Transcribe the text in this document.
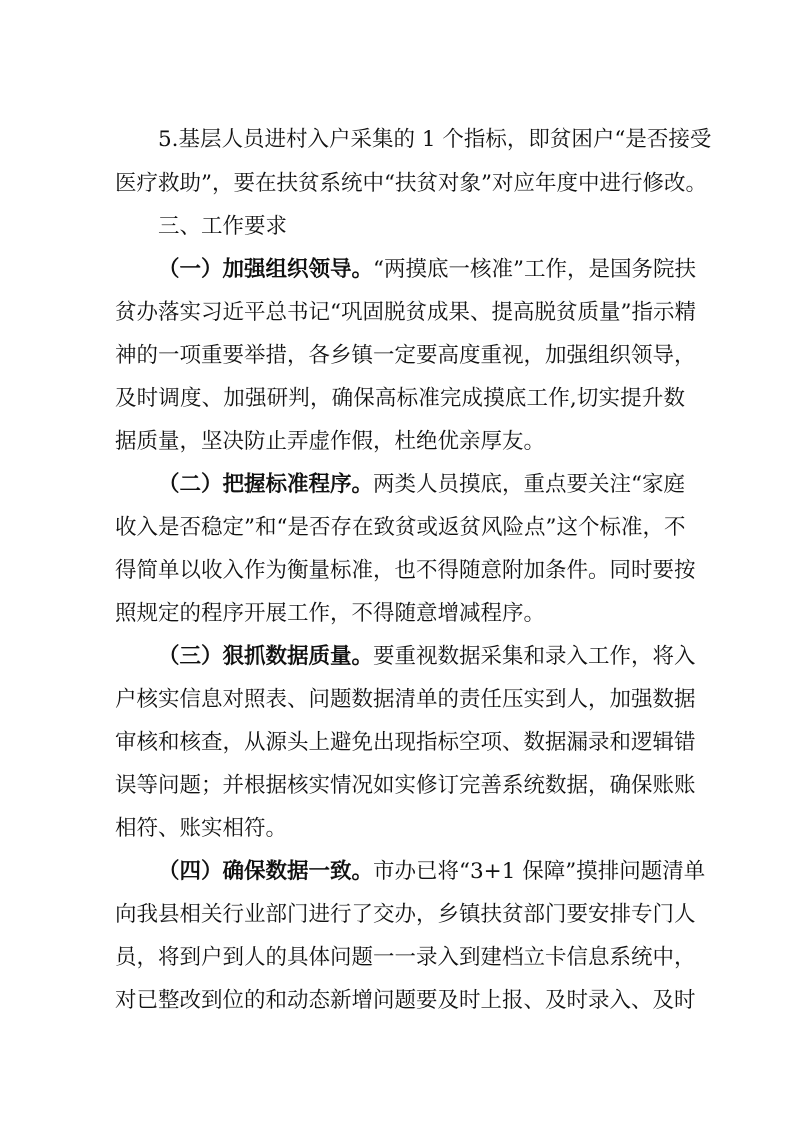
5.基层人员进村入户采集的 1 个指标，即贫困户“是否接受
医疗救助”，要在扶贫系统中“扶贫对象”对应年度中进行修改。
三、工作要求
（一）加强组织领导。“两摸底一核准”工作，是国务院扶
贫办落实习近平总书记“巩固脱贫成果、提高脱贫质量”指示精
神的一项重要举措，各乡镇一定要高度重视，加强组织领导，
及时调度、加强研判，确保高标准完成摸底工作,切实提升数
据质量，坚决防止弄虚作假，杜绝优亲厚友。
（二）把握标准程序。两类人员摸底，重点要关注“家庭
收入是否稳定”和“是否存在致贫或返贫风险点”这个标准，不
得简单以收入作为衡量标准，也不得随意附加条件。同时要按
照规定的程序开展工作，不得随意增减程序。
（三）狠抓数据质量。要重视数据采集和录入工作，将入
户核实信息对照表、问题数据清单的责任压实到人，加强数据
审核和核查，从源头上避免出现指标空项、数据漏录和逻辑错
误等问题；并根据核实情况如实修订完善系统数据，确保账账
相符、账实相符。
（四）确保数据一致。市办已将“3+1 保障”摸排问题清单
向我县相关行业部门进行了交办，乡镇扶贫部门要安排专门人
员，将到户到人的具体问题一一录入到建档立卡信息系统中，
对已整改到位的和动态新增问题要及时上报、及时录入、及时
